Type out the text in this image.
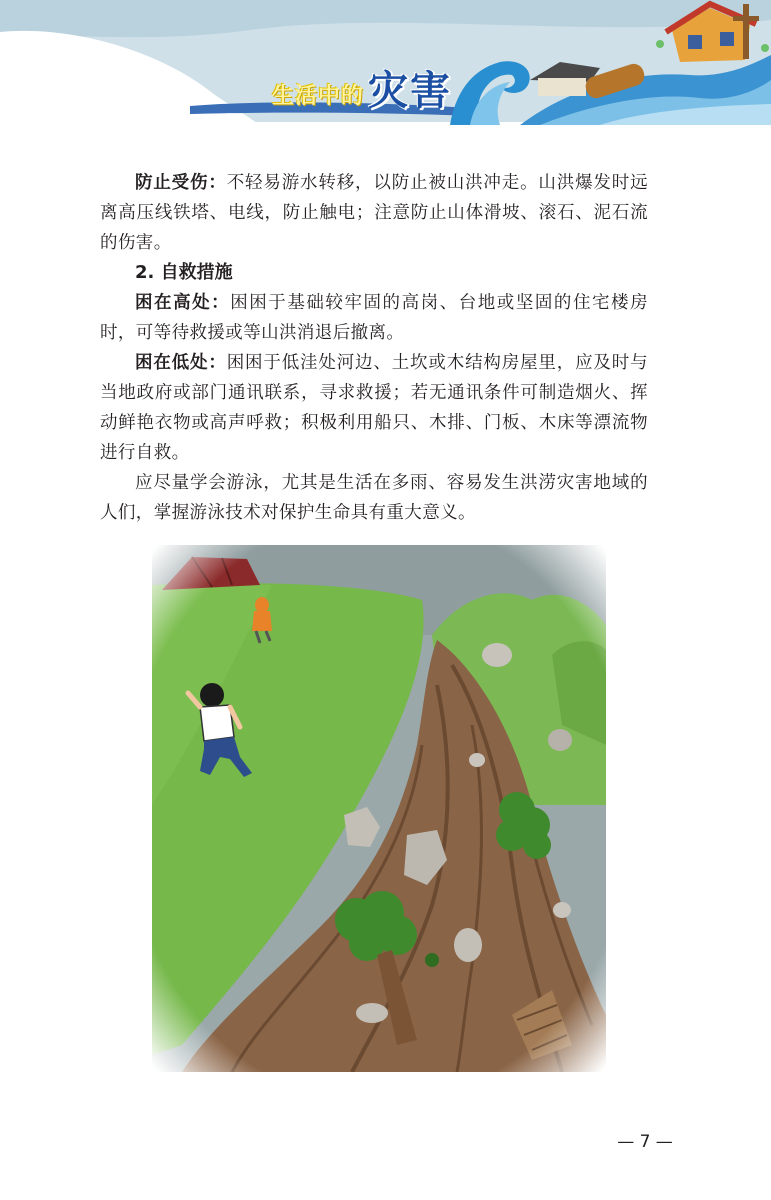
生活中的 灾害

防止受伤：不轻易游水转移，以防止被山洪冲走。山洪爆发时远离高压线铁塔、电线，防止触电；注意防止山体滑坡、滚石、泥石流的伤害。

2. 自救措施

困在高处：困困于基础较牢固的高岗、台地或坚固的住宅楼房时，可等待救援或等山洪消退后撤离。

困在低处：困困于低洼处河边、土坎或木结构房屋里，应及时与当地政府或部门通讯联系，寻求救援；若无通讯条件可制造烟火、挥动鲜艳衣物或高声呼救；积极利用船只、木排、门板、木床等漂流物进行自救。

应尽量学会游泳，尤其是生活在多雨、容易发生洪涝灾害地域的人们，掌握游泳技术对保护生命具有重大意义。

— 7 —
